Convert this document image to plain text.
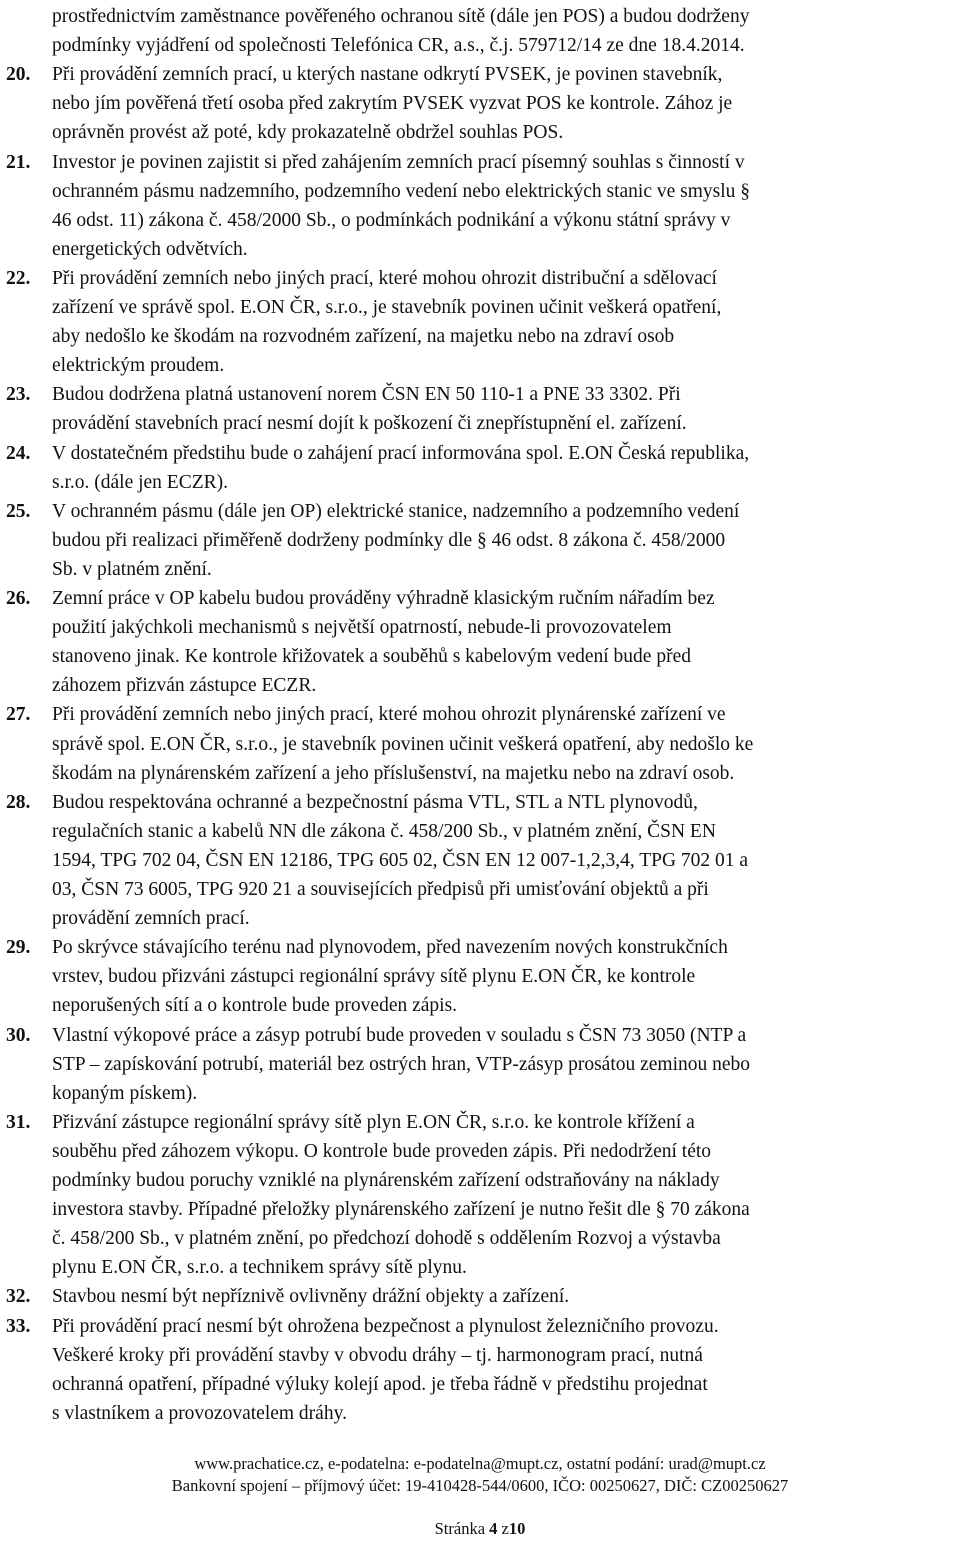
prostřednictvím zaměstnance pověřeného ochranou sítě (dále jen POS) a budou dodrženy
podmínky vyjádření od společnosti Telefónica CR, a.s., č.j. 579712/14 ze dne 18.4.2014.
20.	Při provádění zemních prací, u kterých nastane odkrytí PVSEK, je povinen stavebník,
nebo jím pověřená třetí osoba před zakrytím PVSEK vyzvat POS ke kontrole. Zához je
oprávněn provést až poté, kdy prokazatelně obdržel souhlas POS.
21.	Investor je povinen zajistit si před zahájením zemních prací písemný souhlas s činností v
ochranném pásmu nadzemního, podzemního vedení nebo elektrických stanic ve smyslu §
46 odst. 11) zákona č. 458/2000 Sb., o podmínkách podnikání a výkonu státní správy v
energetických odvětvích.
22.	Při provádění zemních nebo jiných prací, které mohou ohrozit distribuční a sdělovací
zařízení ve správě spol. E.ON ČR, s.r.o., je stavebník povinen učinit veškerá opatření,
aby nedošlo ke škodám na rozvodném zařízení, na majetku nebo na zdraví osob
elektrickým proudem.
23.	Budou dodržena platná ustanovení norem ČSN EN 50 110-1 a PNE 33 3302. Při
provádění stavebních prací nesmí dojít k poškození či znepřístupnění el. zařízení.
24.	V dostatečném předstihu bude o zahájení prací informována spol. E.ON Česká republika,
s.r.o. (dále jen ECZR).
25.	V ochranném pásmu (dále jen OP) elektrické stanice, nadzemního a podzemního vedení
budou při realizaci přiměřeně dodrženy podmínky dle § 46 odst. 8 zákona č. 458/2000
Sb. v platném znění.
26.	Zemní práce v OP kabelu budou prováděny výhradně klasickým ručním nářadím bez
použití jakýchkoli mechanismů s největší opatrností, nebude-li provozovatelem
stanoveno jinak. Ke kontrole křižovatek a souběhů s kabelovým vedení bude před
záhozem přizván zástupce ECZR.
27.	Při provádění zemních nebo jiných prací, které mohou ohrozit plynárenské zařízení ve
správě spol. E.ON ČR, s.r.o., je stavebník povinen učinit veškerá opatření, aby nedošlo ke
škodám na plynárenském zařízení a jeho příslušenství, na majetku nebo na zdraví osob.
28.	Budou respektována ochranné a bezpečnostní pásma VTL, STL a NTL plynovodů,
regulačních stanic a kabelů NN dle zákona č. 458/200 Sb., v platném znění, ČSN EN
1594, TPG 702 04, ČSN EN 12186, TPG 605 02, ČSN EN 12 007-1,2,3,4, TPG 702 01 a
03, ČSN 73 6005, TPG 920 21 a souvisejících předpisů při umisťování objektů a při
provádění zemních prací.
29.	Po skrývce stávajícího terénu nad plynovodem, před navezením nových konstrukčních
vrstev, budou přizváni zástupci regionální správy sítě plynu E.ON ČR, ke kontrole
neporušených sítí a o kontrole bude proveden zápis.
30.	Vlastní výkopové práce a zásyp potrubí bude proveden v souladu s ČSN 73 3050 (NTP a
STP – zapískování potrubí, materiál bez ostrých hran, VTP-zásyp prosátou zeminou nebo
kopaným pískem).
31.	Přizvání zástupce regionální správy sítě plyn E.ON ČR, s.r.o. ke kontrole křížení a
souběhu před záhozem výkopu. O kontrole bude proveden zápis. Při nedodržení této
podmínky budou poruchy vzniklé na plynárenském zařízení odstraňovány na náklady
investora stavby. Případné přeložky plynárenského zařízení je nutno řešit dle § 70 zákona
č. 458/200 Sb., v platném znění, po předchozí dohodě s oddělením Rozvoj a výstavba
plynu E.ON ČR, s.r.o. a technikem správy sítě plynu.
32.	Stavbou nesmí být nepříznivě ovlivněny drážní objekty a zařízení.
33.	Při provádění prací nesmí být ohrožena bezpečnost a plynulost železničního provozu.
Veškeré kroky při provádění stavby v obvodu dráhy – tj. harmonogram prací, nutná
ochranná opatření, případné výluky kolejí apod. je třeba řádně v předstihu projednat
s vlastníkem a provozovatelem dráhy.
www.prachatice.cz, e-podatelna: e-podatelna@mupt.cz, ostatní podání: urad@mupt.cz
Bankovní spojení – příjmový účet: 19-410428-544/0600, IČO: 00250627, DIČ: CZ00250627
Stránka 4 z10
